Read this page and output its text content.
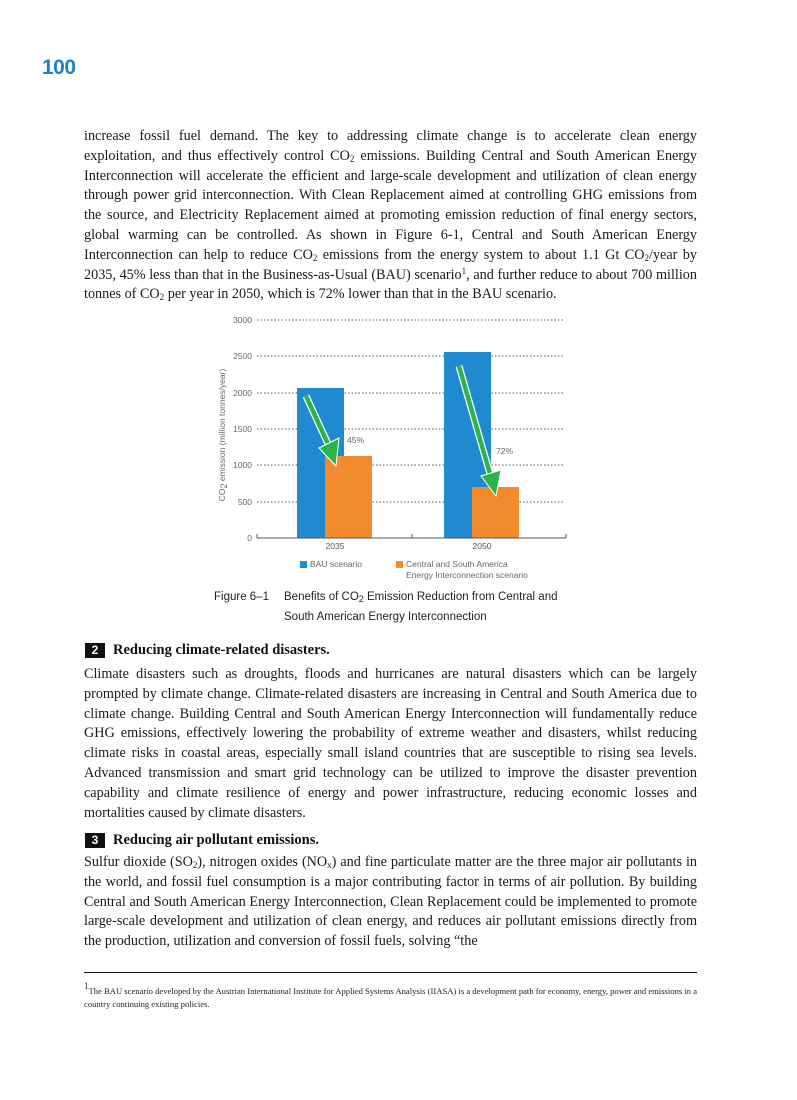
100

increase fossil fuel demand. The key to addressing climate change is to accelerate clean energy exploitation, and thus effectively control $CO_2$ emissions. Building Central and South American Energy Interconnection will accelerate the efficient and large-scale development and utilization of clean energy through power grid interconnection. With Clean Replacement aimed at controlling GHG emissions from the source, and Electricity Replacement aimed at promoting emission reduction of final energy sectors, global warming can be controlled. As shown in Figure 6-1, Central and South American Energy Interconnection can help to reduce $CO_2$ emissions from the energy system to about 1.1 Gt $CO_2$/year by 2035, 45% less than that in the Business-as-Usual (BAU) scenario$^1$, and further reduce to about 700 million tonnes of $CO_2$ per year in 2050, which is 72% lower than that in the BAU scenario.

3000
2500
2000
1500
1000
500
0
$CO_2$ emission (million tonnes/year)
2035	2050
45%
72%
BAU scenario	Central and South America
Energy Interconnection scenario
Figure 6–1 Benefits of $CO_2$ Emission Reduction from Central and South American Energy Interconnection
2	Reducing climate-related disasters.

Climate disasters such as droughts, floods and hurricanes are natural disasters which can be largely prompted by climate change. Climate-related disasters are increasing in Central and South America due to climate change. Building Central and South American Energy Interconnection will fundamentally reduce GHG emissions, effectively lowering the probability of extreme weather and disasters, whilst reducing climate risks in coastal areas, especially small island countries that are susceptible to rising sea levels. Advanced transmission and smart grid technology can be utilized to improve the disaster prevention capability and climate resilience of energy and power infrastructure, reducing economic losses and mortalities caused by climate disasters.

3	Reducing air pollutant emissions.

Sulfur dioxide $(SO_2)$, nitrogen oxides $(NO_x)$ and fine particulate matter are the three major air pollutants in the world, and fossil fuel consumption is a major contributing factor in terms of air pollution. By building Central and South American Energy Interconnection, Clean Replacement could be implemented to promote large-scale development and utilization of clean energy, and reduces air pollutant emissions directly from the production, utilization and conversion of fossil fuels, solving “the

$^1$The BAU scenario developed by the Austrian International Institute for Applied Systems Analysis (IIASA) is a development path for economy, energy, power and emissions in a country continuing existing policies.
